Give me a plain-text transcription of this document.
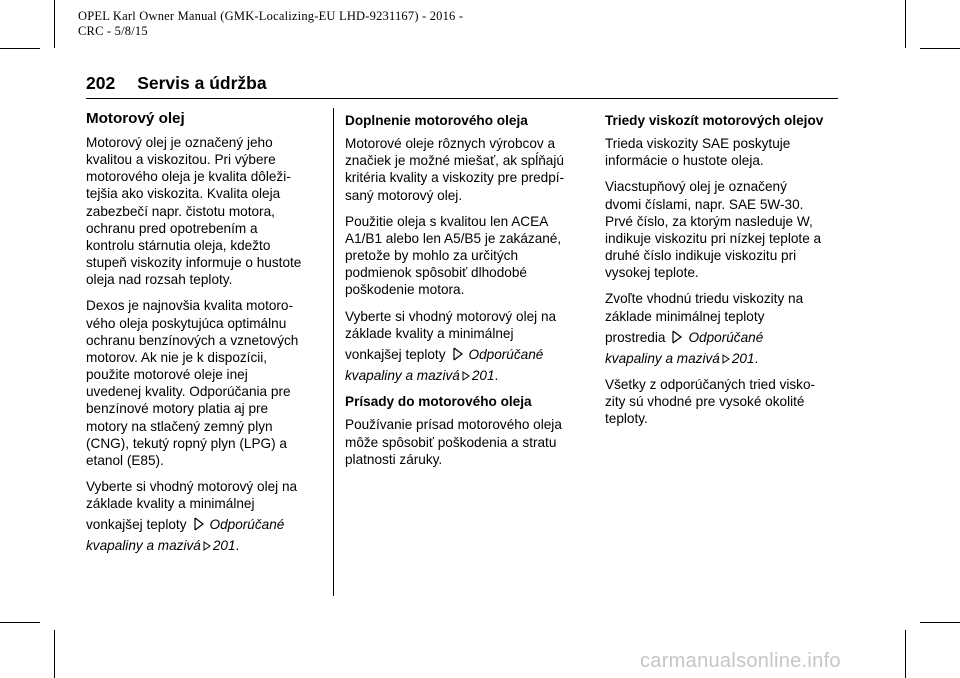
OPEL Karl Owner Manual (GMK-Localizing-EU LHD-9231167) - 2016 -
CRC - 5/8/15
202 Servis a údržba
Motorový olej

Motorový olej je označený jeho
kvalitou a viskozitou. Pri výbere
motorového oleja je kvalita dôleži-
tejšia ako viskozita. Kvalita oleja
zabezbečí napr. čistotu motora,
ochranu pred opotrebením a
kontrolu stárnutia oleja, kdežto
stupeň viskozity informuje o hustote
oleja nad rozsah teploty.

Dexos je najnovšia kvalita motoro-
vého oleja poskytujúca optimálnu
ochranu benzínových a vznetových
motorov. Ak nie je k dispozícii,
použite motorové oleje inej
uvedenej kvality. Odporúčania pre
benzínové motory platia aj pre
motory na stlačený zemný plyn
(CNG), tekutý ropný plyn (LPG) a
etanol (E85).

Vyberte si vhodný motorový olej na
základe kvality a minimálnej
vonkajšej teploty Odporúčané
kvapaliny a mazivá 201.

Doplnenie motorového oleja

Motorové oleje rôznych výrobcov a
značiek je možné miešať, ak spĺňajú
kritéria kvality a viskozity pre predpí-
saný motorový olej.

Použitie oleja s kvalitou len ACEA
A1/B1 alebo len A5/B5 je zakázané,
pretože by mohlo za určitých
podmienok spôsobiť dlhodobé
poškodenie motora.

Vyberte si vhodný motorový olej na
základe kvality a minimálnej
vonkajšej teploty Odporúčané
kvapaliny a mazivá 201.

Prísady do motorového oleja

Používanie prísad motorového oleja
môže spôsobiť poškodenia a stratu
platnosti záruky.

Triedy viskozít motorových olejov

Trieda viskozity SAE poskytuje
informácie o hustote oleja.

Viacstupňový olej je označený
dvomi číslami, napr. SAE 5W-30.
Prvé číslo, za ktorým nasleduje W,
indikuje viskozitu pri nízkej teplote a
druhé číslo indikuje viskozitu pri
vysokej teplote.

Zvoľte vhodnú triedu viskozity na
základe minimálnej teploty
prostredia Odporúčané
kvapaliny a mazivá 201.

Všetky z odporúčaných tried visko-
zity sú vhodné pre vysoké okolité
teploty.

carmanualsonline.info
